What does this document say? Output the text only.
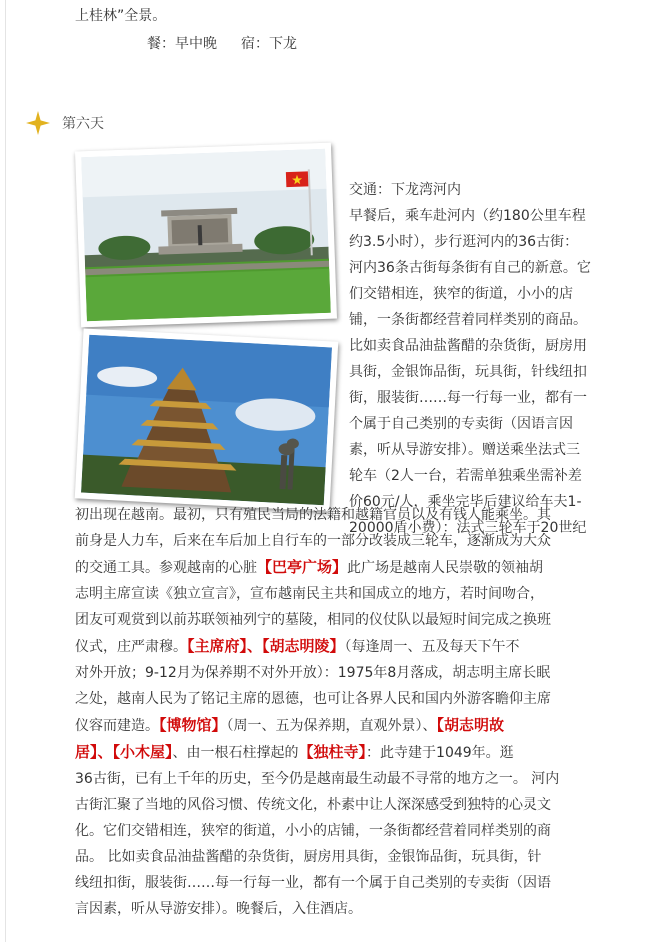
上桂林”全景。
餐：早中晚 宿：下龙
第六天
交通：下龙湾河内
早餐后，乘车赴河内（约180公里车程
约3.5小时），步行逛河内的36古街：
河内36条古街每条街有自己的新意。它
们交错相连，狭窄的街道，小小的店
铺，一条街都经营着同样类别的商品。
比如卖食品油盐酱醋的杂货街，厨房用
具街，金银饰品街，玩具街，针线纽扣
街，服装街……每一行每一业，都有一
个属于自己类别的专卖街（因语言因
素，听从导游安排）。赠送乘坐法式三
轮车（2人一台，若需单独乘坐需补差
价60元/人，乘坐完毕后建议给车夫1-
20000盾小费）：法式三轮车于20世纪
初出现在越南。最初，只有殖民当局的法籍和越籍官员以及有钱人能乘坐。其
前身是人力车，后来在车后加上自行车的一部分改装成三轮车，逐渐成为大众
的交通工具。参观越南的心脏【巴亭广场】此广场是越南人民崇敬的领袖胡
志明主席宣读《独立宣言》，宣布越南民主共和国成立的地方，若时间吻合，
团友可观赏到以前苏联领袖列宁的墓陵，相同的仪仗队以最短时间完成之换班
仪式，庄严肃穆。【主席府】、【胡志明陵】（每逢周一、五及每天下午不
对外开放；9-12月为保养期不对外开放）：1975年8月落成，胡志明主席长眠
之处，越南人民为了铭记主席的恩德，也可让各界人民和国内外游客瞻仰主席
仪容而建造。【博物馆】（周一、五为保养期，直观外景）、【胡志明故
居】、【小木屋】、由一根石柱撑起的【独柱寺】：此寺建于1049年。逛
36古街，已有上千年的历史，至今仍是越南最生动最不寻常的地方之一。 河内
古街汇聚了当地的风俗习惯、传统文化，朴素中让人深深感受到独特的心灵文
化。它们交错相连，狭窄的街道，小小的店铺，一条街都经营着同样类别的商
品。 比如卖食品油盐酱醋的杂货街，厨房用具街，金银饰品街，玩具街，针
线纽扣街，服装街……每一行每一业，都有一个属于自己类别的专卖街（因语
言因素，听从导游安排）。晚餐后，入住酒店。
